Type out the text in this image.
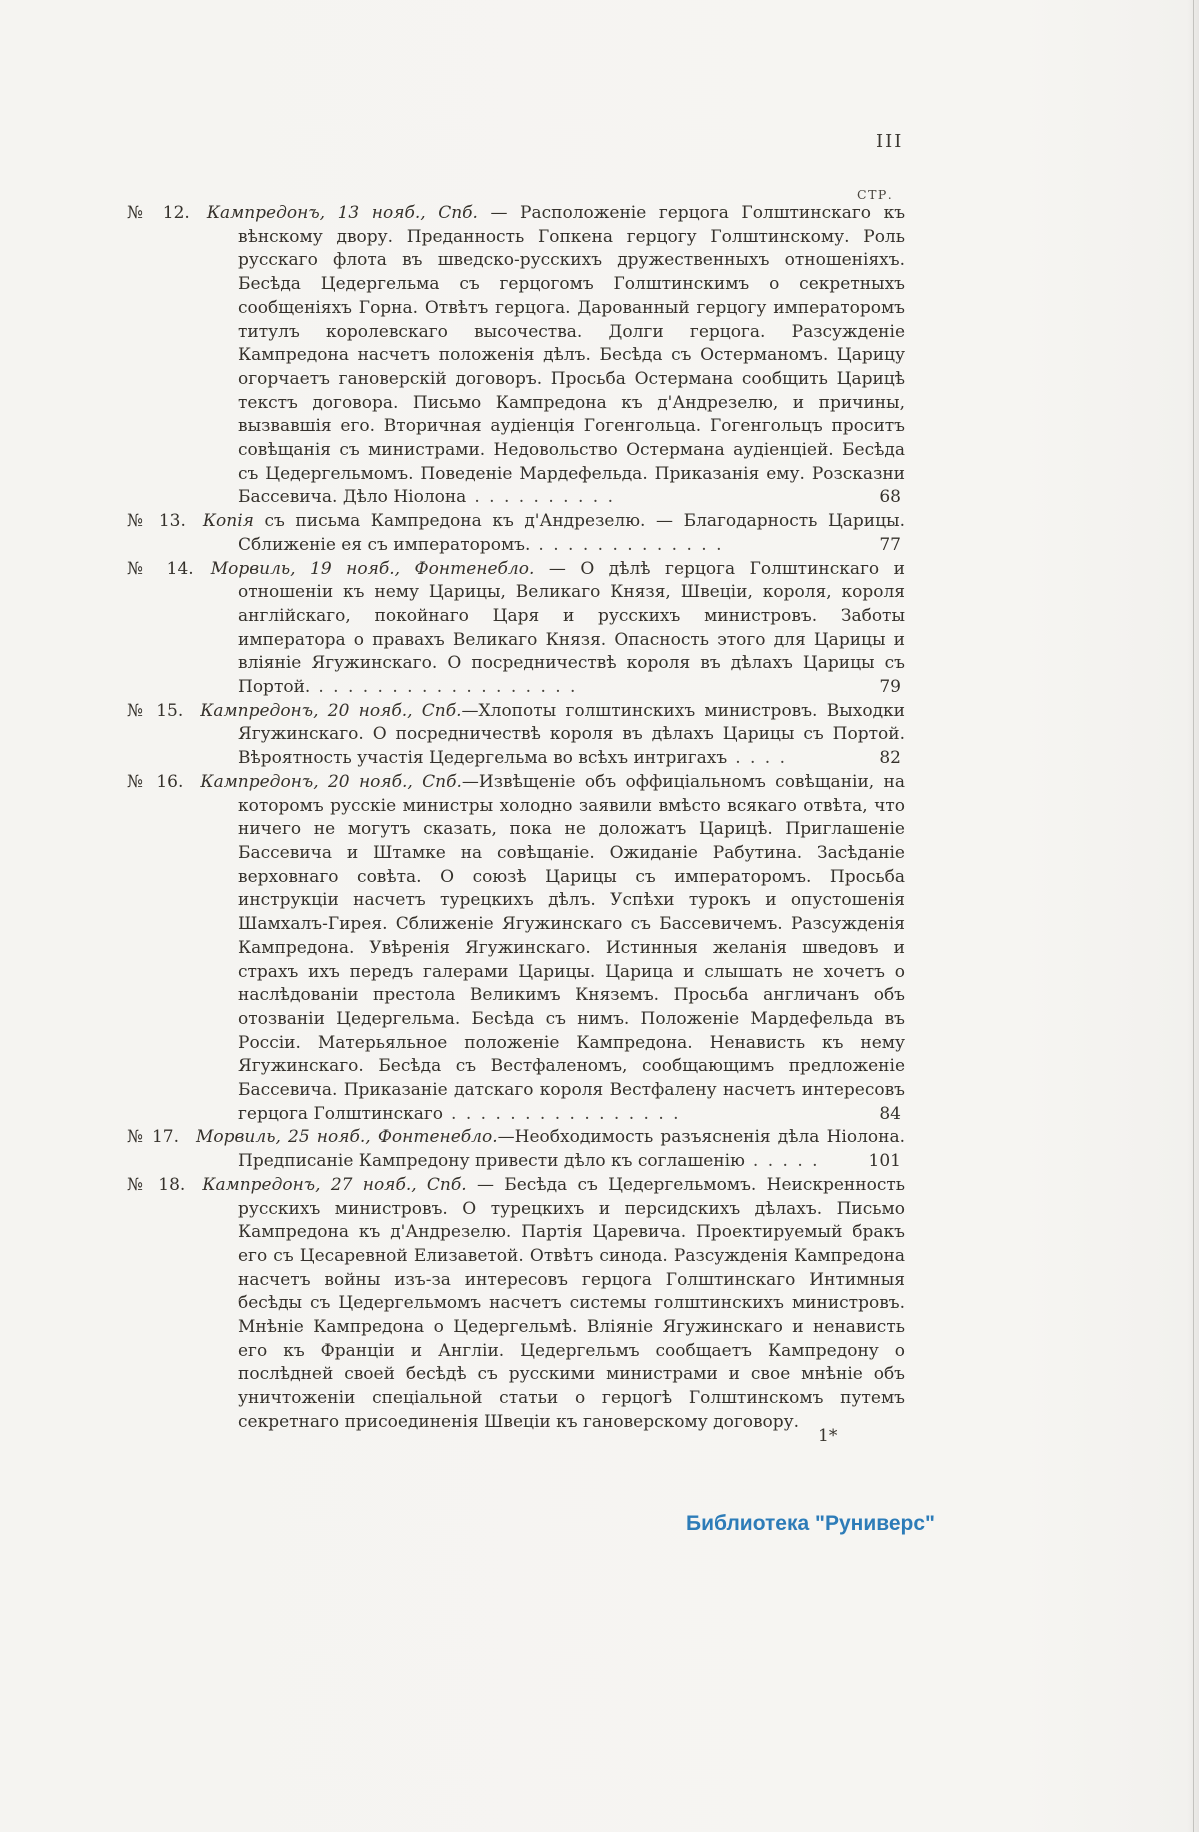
III
СТР.
№ 12. Кампредонъ, 13 нояб., Спб. — Расположеніе герцога Голштинскаго къ вѣнскому двору. Преданность Гопкена герцогу Голштинскому. Роль русскаго флота въ шведско-русскихъ дружественныхъ отношеніяхъ. Бесѣда Цедергельма съ герцогомъ Голштинскимъ о секретныхъ сообщеніяхъ Горна. Отвѣтъ герцога. Дарованный герцогу императоромъ титулъ королевскаго высочества. Долги герцога. Разсужденіе Кампредона насчетъ положенія дѣлъ. Бесѣда съ Остерманомъ. Царицу огорчаетъ гановерскій договоръ. Просьба Остермана сообщить Царицѣ текстъ договора. Письмо Кампредона къ д'Андрезелю, и причины, вызвавшія его. Вторичная аудіенція Гогенгольца. Гогенгольцъ проситъ совѣщанія съ министрами. Недовольство Остермана аудіенціей. Бесѣда съ Цедергельмомъ. Поведеніе Мардефельда. Приказанія ему. Розсказни Бассевича. Дѣло Ніолона . . . . . . . . . .	68
№ 13. Копія съ письма Кампредона къ д'Андрезелю. — Благодарность Царицы. Сближеніе ея съ императоромъ. . . . . . . . . . . . . .	77
№ 14. Морвиль, 19 нояб., Фонтенебло. — О дѣлѣ герцога Голштинскаго и отношеніи къ нему Царицы, Великаго Князя, Швеціи, короля, короля англійскаго, покойнаго Царя и русскихъ министровъ. Заботы императора о правахъ Великаго Князя. Опасность этого для Царицы и вліяніе Ягужинскаго. О посредничествѣ короля въ дѣлахъ Царицы съ Портой. . . . . . . . . . . . . . . . . . .	79
№ 15. Кампредонъ, 20 нояб., Спб.—Хлопоты голштинскихъ министровъ. Выходки Ягужинскаго. О посредничествѣ короля въ дѣлахъ Царицы съ Портой. Вѣроятность участія Цедергельма во всѣхъ интригахъ . . . .	82
№ 16. Кампредонъ, 20 нояб., Спб.—Извѣщеніе объ оффиціальномъ совѣщаніи, на которомъ русскіе министры холодно заявили вмѣсто всякаго отвѣта, что ничего не могутъ сказать, пока не доложатъ Царицѣ. Приглашеніе Бассевича и Штамке на совѣщаніе. Ожиданіе Рабутина. Засѣданіе верховнаго совѣта. О союзѣ Царицы съ императоромъ. Просьба инструкціи насчетъ турецкихъ дѣлъ. Успѣхи турокъ и опустошенія Шамхалъ-Гирея. Сближеніе Ягужинскаго съ Бассевичемъ. Разсужденія Кампредона. Увѣренія Ягужинскаго. Истинныя желанія шведовъ и страхъ ихъ передъ галерами Царицы. Царица и слышать не хочетъ о наслѣдованіи престола Великимъ Княземъ. Просьба англичанъ объ отозваніи Цедергельма. Бесѣда съ нимъ. Положеніе Мардефельда въ Россіи. Матерьяльное положеніе Кампредона. Ненависть къ нему Ягужинскаго. Бесѣда съ Вестфаленомъ, сообщающимъ предложеніе Бассевича. Приказаніе датскаго короля Вестфалену насчетъ интересовъ герцога Голштинскаго . . . . . . . . . . . . . . . .	84
№ 17. Морвиль, 25 нояб., Фонтенебло.—Необходимость разъясненія дѣла Ніолона. Предписаніе Кампредону привести дѣло къ соглашенію . . . . .	101
№ 18. Кампредонъ, 27 нояб., Спб. — Бесѣда съ Цедергельмомъ. Неискренность русскихъ министровъ. О турецкихъ и персидскихъ дѣлахъ. Письмо Кампредона къ д'Андрезелю. Партія Царевича. Проектируемый бракъ его съ Цесаревной Елизаветой. Отвѣтъ синода. Разсужденія Кампредона насчетъ войны изъ-за интересовъ герцога Голштинскаго Интимныя бесѣды съ Цедергельмомъ насчетъ системы голштинскихъ министровъ. Мнѣніе Кампредона о Цедергельмѣ. Вліяніе Ягужинскаго и ненависть его къ Франціи и Англіи. Цедергельмъ сообщаетъ Кампредону о послѣдней своей бесѣдѣ съ русскими министрами и свое мнѣніе объ уничтоженіи спеціальной статьи о герцогѣ Голштинскомъ путемъ секретнаго присоединенія Швеціи къ гановерскому договору.
1*
Библиотека "Руниверс"
